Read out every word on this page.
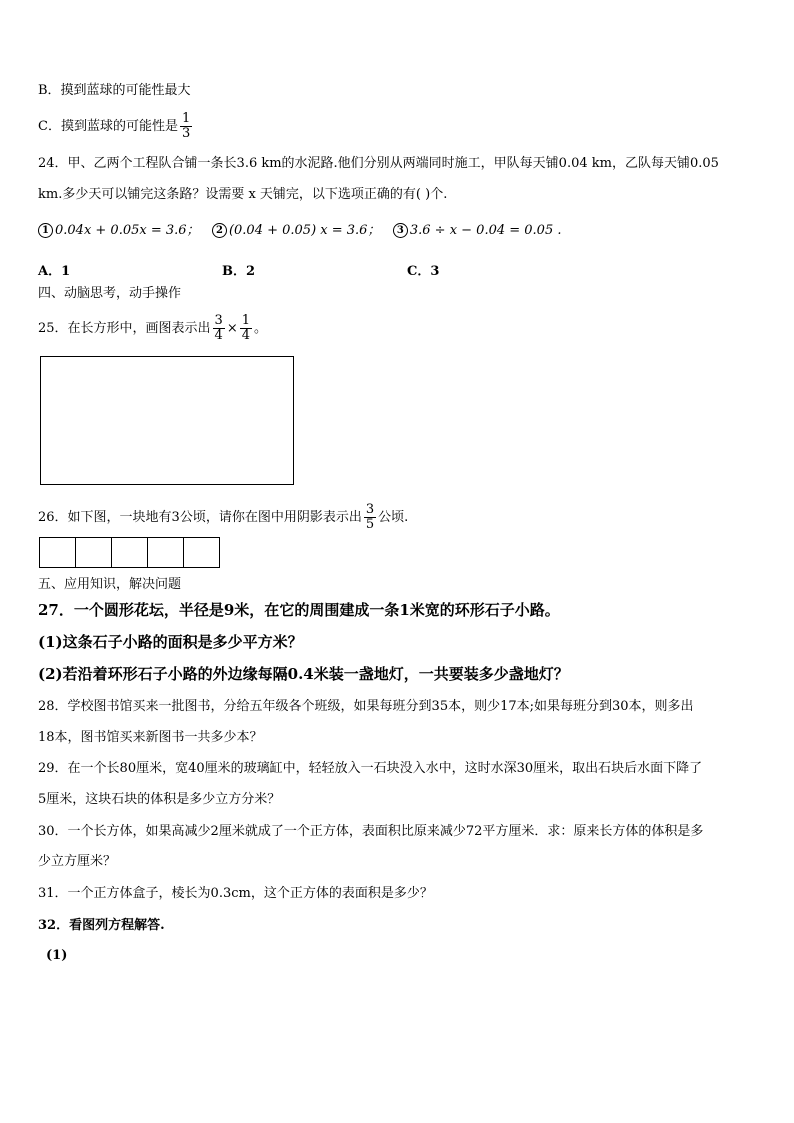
B．摸到蓝球的可能性最大
C．摸到蓝球的可能性是 $\frac{1}{3}$
24．甲、乙两个工程队合铺一条长3.6 km的水泥路.他们分别从两端同时施工，甲队每天铺0.04 km，乙队每天铺0.05
km.多少天可以铺完这条路？设需要 x 天铺完，以下选项正确的有( )个.
1 0.04x + 0.05x = 3.6； 2 (0.04 + 0.05) x = 3.6； 3 3.6 ÷ x − 0.04 = 0.05 .
A．1	B．2	C．3
四、动脑思考，动手操作
25．在长方形中，画图表示出 $\frac{3}{4} \times \frac{1}{4}$ 。
26．如下图，一块地有3公顷，请你在图中用阴影表示出 $\frac{3}{5}$ 公顷.
五、应用知识，解决问题
27．一个圆形花坛，半径是9米，在它的周围建成一条1米宽的环形石子小路。
(1)这条石子小路的面积是多少平方米？
(2)若沿着环形石子小路的外边缘每隔0.4米装一盏地灯，一共要装多少盏地灯？
28．学校图书馆买来一批图书，分给五年级各个班级，如果每班分到35本，则少17本;如果每班分到30本，则多出
18本，图书馆买来新图书一共多少本？
29．在一个长80厘米，宽40厘米的玻璃缸中，轻轻放入一石块没入水中，这时水深30厘米，取出石块后水面下降了
5厘米，这块石块的体积是多少立方分米？
30．一个长方体，如果高减少2厘米就成了一个正方体，表面积比原来减少72平方厘米．求：原来长方体的体积是多
少立方厘米？
31．一个正方体盒子，棱长为0.3cm，这个正方体的表面积是多少？
32．看图列方程解答.
(1)
